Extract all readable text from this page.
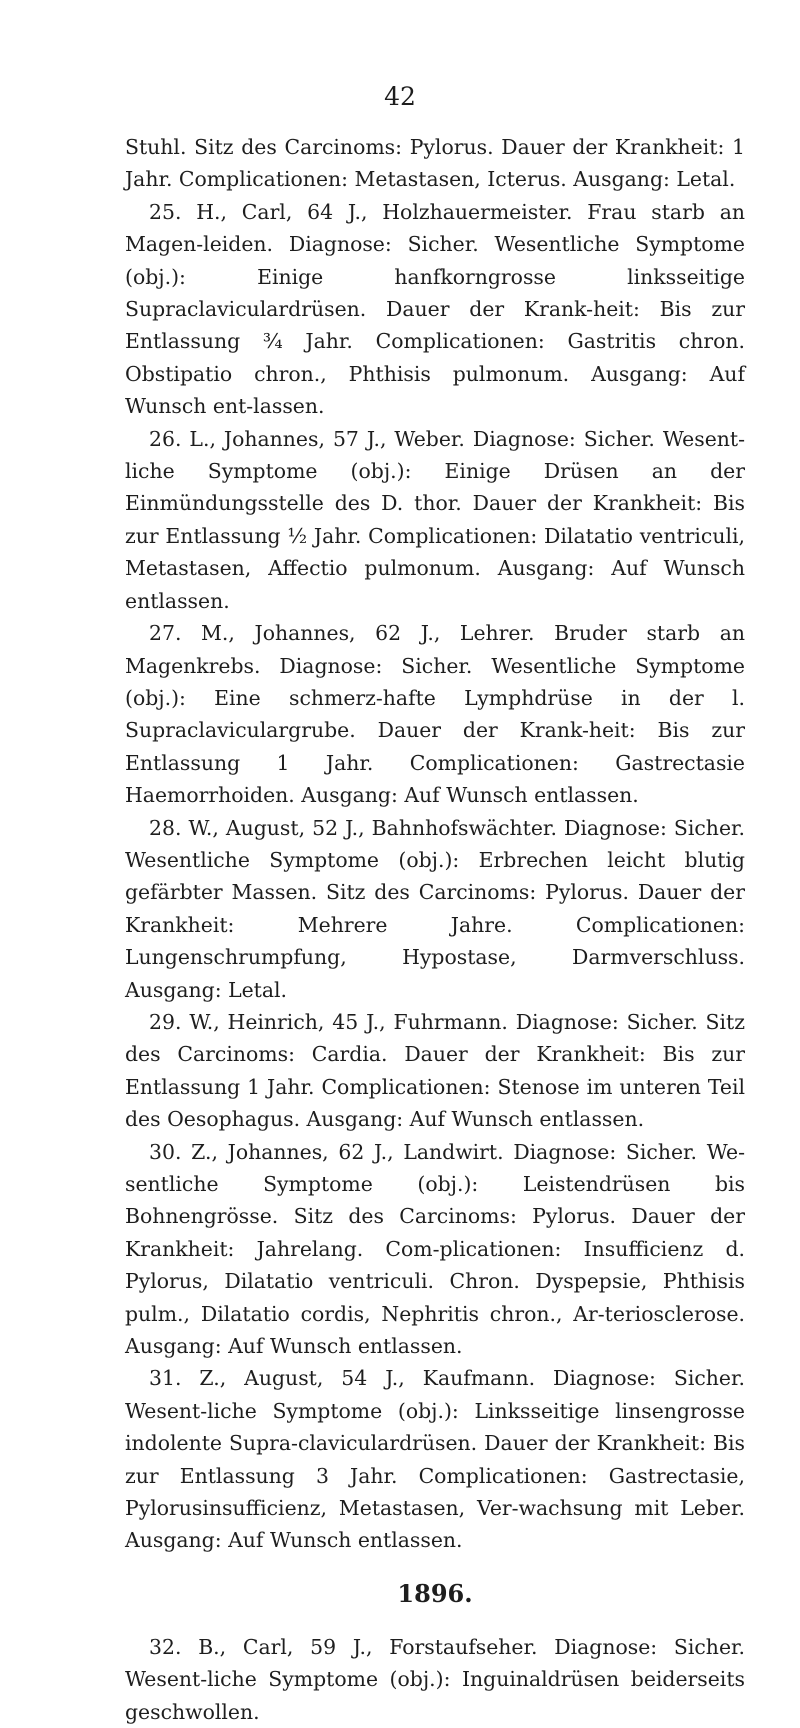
42

Stuhl. Sitz des Carcinoms: Pylorus. Dauer der Krankheit: 1 Jahr. Complicationen: Metastasen, Icterus. Ausgang: Letal.

25. H., Carl, 64 J., Holzhauermeister. Frau starb an Magen-leiden. Diagnose: Sicher. Wesentliche Symptome (obj.): Einige hanfkorngrosse linksseitige Supraclaviculardrüsen. Dauer der Krank-heit: Bis zur Entlassung ¾ Jahr. Complicationen: Gastritis chron. Obstipatio chron., Phthisis pulmonum. Ausgang: Auf Wunsch ent-lassen.

26. L., Johannes, 57 J., Weber. Diagnose: Sicher. Wesent-liche Symptome (obj.): Einige Drüsen an der Einmündungsstelle des D. thor. Dauer der Krankheit: Bis zur Entlassung ½ Jahr. Complicationen: Dilatatio ventriculi, Metastasen, Affectio pulmonum. Ausgang: Auf Wunsch entlassen.

27. M., Johannes, 62 J., Lehrer. Bruder starb an Magenkrebs. Diagnose: Sicher. Wesentliche Symptome (obj.): Eine schmerz-hafte Lymphdrüse in der l. Supraclaviculargrube. Dauer der Krank-heit: Bis zur Entlassung 1 Jahr. Complicationen: Gastrectasie Haemorrhoiden. Ausgang: Auf Wunsch entlassen.

28. W., August, 52 J., Bahnhofswächter. Diagnose: Sicher. Wesentliche Symptome (obj.): Erbrechen leicht blutig gefärbter Massen. Sitz des Carcinoms: Pylorus. Dauer der Krankheit: Mehrere Jahre. Complicationen: Lungenschrumpfung, Hypostase, Darmverschluss. Ausgang: Letal.

29. W., Heinrich, 45 J., Fuhrmann. Diagnose: Sicher. Sitz des Carcinoms: Cardia. Dauer der Krankheit: Bis zur Entlassung 1 Jahr. Complicationen: Stenose im unteren Teil des Oesophagus. Ausgang: Auf Wunsch entlassen.

30. Z., Johannes, 62 J., Landwirt. Diagnose: Sicher. We-sentliche Symptome (obj.): Leistendrüsen bis Bohnengrösse. Sitz des Carcinoms: Pylorus. Dauer der Krankheit: Jahrelang. Com-plicationen: Insufficienz d. Pylorus, Dilatatio ventriculi. Chron. Dyspepsie, Phthisis pulm., Dilatatio cordis, Nephritis chron., Ar-teriosclerose. Ausgang: Auf Wunsch entlassen.

31. Z., August, 54 J., Kaufmann. Diagnose: Sicher. Wesent-liche Symptome (obj.): Linksseitige linsengrosse indolente Supra-claviculardrüsen. Dauer der Krankheit: Bis zur Entlassung 3 Jahr. Complicationen: Gastrectasie, Pylorusinsufficienz, Metastasen, Ver-wachsung mit Leber. Ausgang: Auf Wunsch entlassen.

1896.

32. B., Carl, 59 J., Forstaufseher. Diagnose: Sicher. Wesent-liche Symptome (obj.): Inguinaldrüsen beiderseits geschwollen.
